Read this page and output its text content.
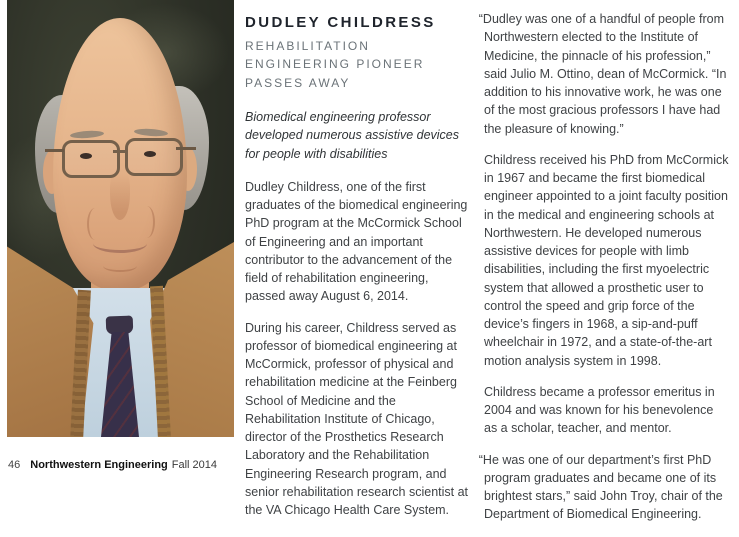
DUDLEY CHILDRESS
REHABILITATION ENGINEERING PIONEER PASSES AWAY

Biomedical engineering professor developed numerous assistive devices for people with disabilities

Dudley Childress, one of the first graduates of the biomedical engineering PhD program at the McCormick School of Engineering and an important contributor to the advancement of the field of rehabilitation engineering, passed away August 6, 2014.

During his career, Childress served as professor of biomedical engineering at McCormick, professor of physical and rehabilitation medicine at the Feinberg School of Medicine and the Rehabilitation Institute of Chicago, director of the Prosthetics Research Laboratory and the Rehabilitation Engineering Research program, and senior rehabilitation research scientist at the VA Chicago Health Care System.

“Dudley was one of a handful of people from Northwestern elected to the Institute of Medicine, the pinnacle of his profession,” said Julio M. Ottino, dean of McCormick. “In addition to his innovative work, he was one of the most gracious professors I have had the pleasure of knowing.”

Childress received his PhD from McCormick in 1967 and became the first biomedical engineer appointed to a joint faculty position in the medical and engineering schools at Northwestern. He developed numerous assistive devices for people with limb disabilities, including the first myoelectric system that allowed a prosthetic user to control the speed and grip force of the device’s fingers in 1968, a sip-and-puff wheelchair in 1972, and a state-of-the-art motion analysis system in 1998.

Childress became a professor emeritus in 2004 and was known for his benevolence as a scholar, teacher, and mentor.

“He was one of our department’s first PhD program graduates and became one of its brightest stars,” said John Troy, chair of the Department of Biomedical Engineering.

46 Northwestern Engineering Fall 2014
